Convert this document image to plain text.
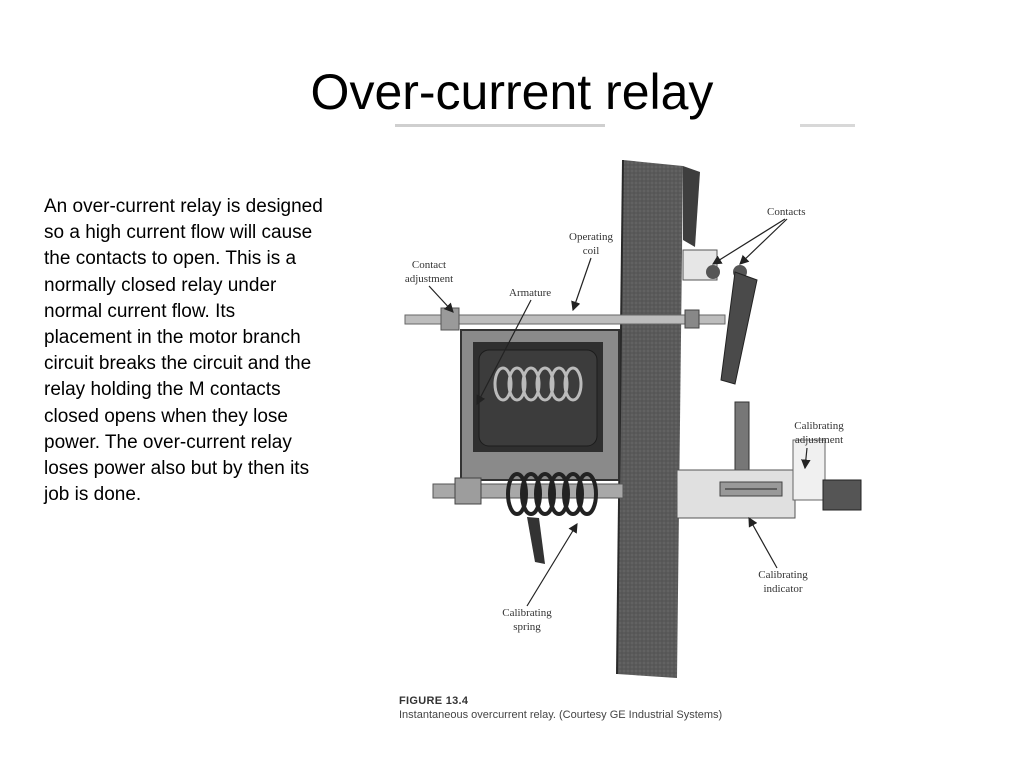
Over-current relay

An over-current relay is designed so a high current flow will cause the contacts to open. This is a normally closed relay under normal current flow. Its placement in the motor branch circuit breaks the circuit and the relay holding the M contacts closed opens when they lose power. The over-current relay loses power also but by then its job is done.

Contacts
Operating
coil
Contact
adjustment
Armature
Calibrating
adjustment
Calibrating
indicator
Calibrating
spring

FIGURE 13.4

Instantaneous overcurrent relay. (Courtesy GE Industrial Systems)
